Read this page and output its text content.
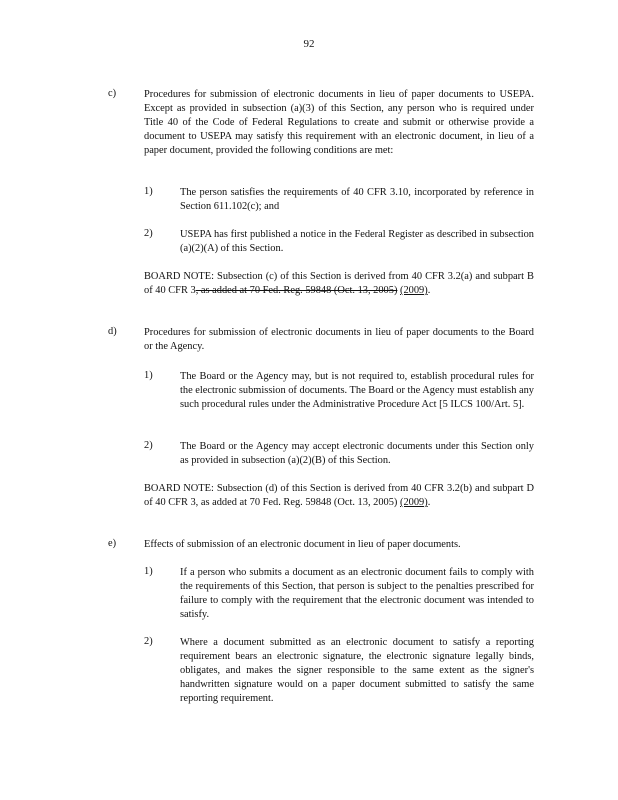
92
c)	Procedures for submission of electronic documents in lieu of paper documents to USEPA. Except as provided in subsection (a)(3) of this Section, any person who is required under Title 40 of the Code of Federal Regulations to create and submit or otherwise provide a document to USEPA may satisfy this requirement with an electronic document, in lieu of a paper document, provided the following conditions are met:
1)	The person satisfies the requirements of 40 CFR 3.10, incorporated by reference in Section 611.102(c); and
2)	USEPA has first published a notice in the Federal Register as described in subsection (a)(2)(A) of this Section.
BOARD NOTE: Subsection (c) of this Section is derived from 40 CFR 3.2(a) and subpart B of 40 CFR 3, as added at 70 Fed. Reg. 59848 (Oct. 13, 2005) (2009).
d)	Procedures for submission of electronic documents in lieu of paper documents to the Board or the Agency.
1)	The Board or the Agency may, but is not required to, establish procedural rules for the electronic submission of documents. The Board or the Agency must establish any such procedural rules under the Administrative Procedure Act [5 ILCS 100/Art. 5].
2)	The Board or the Agency may accept electronic documents under this Section only as provided in subsection (a)(2)(B) of this Section.
BOARD NOTE: Subsection (d) of this Section is derived from 40 CFR 3.2(b) and subpart D of 40 CFR 3, as added at 70 Fed. Reg. 59848 (Oct. 13, 2005) (2009).
e)	Effects of submission of an electronic document in lieu of paper documents.
1)	If a person who submits a document as an electronic document fails to comply with the requirements of this Section, that person is subject to the penalties prescribed for failure to comply with the requirement that the electronic document was intended to satisfy.
2)	Where a document submitted as an electronic document to satisfy a reporting requirement bears an electronic signature, the electronic signature legally binds, obligates, and makes the signer responsible to the same extent as the signer's handwritten signature would on a paper document submitted to satisfy the same reporting requirement.
